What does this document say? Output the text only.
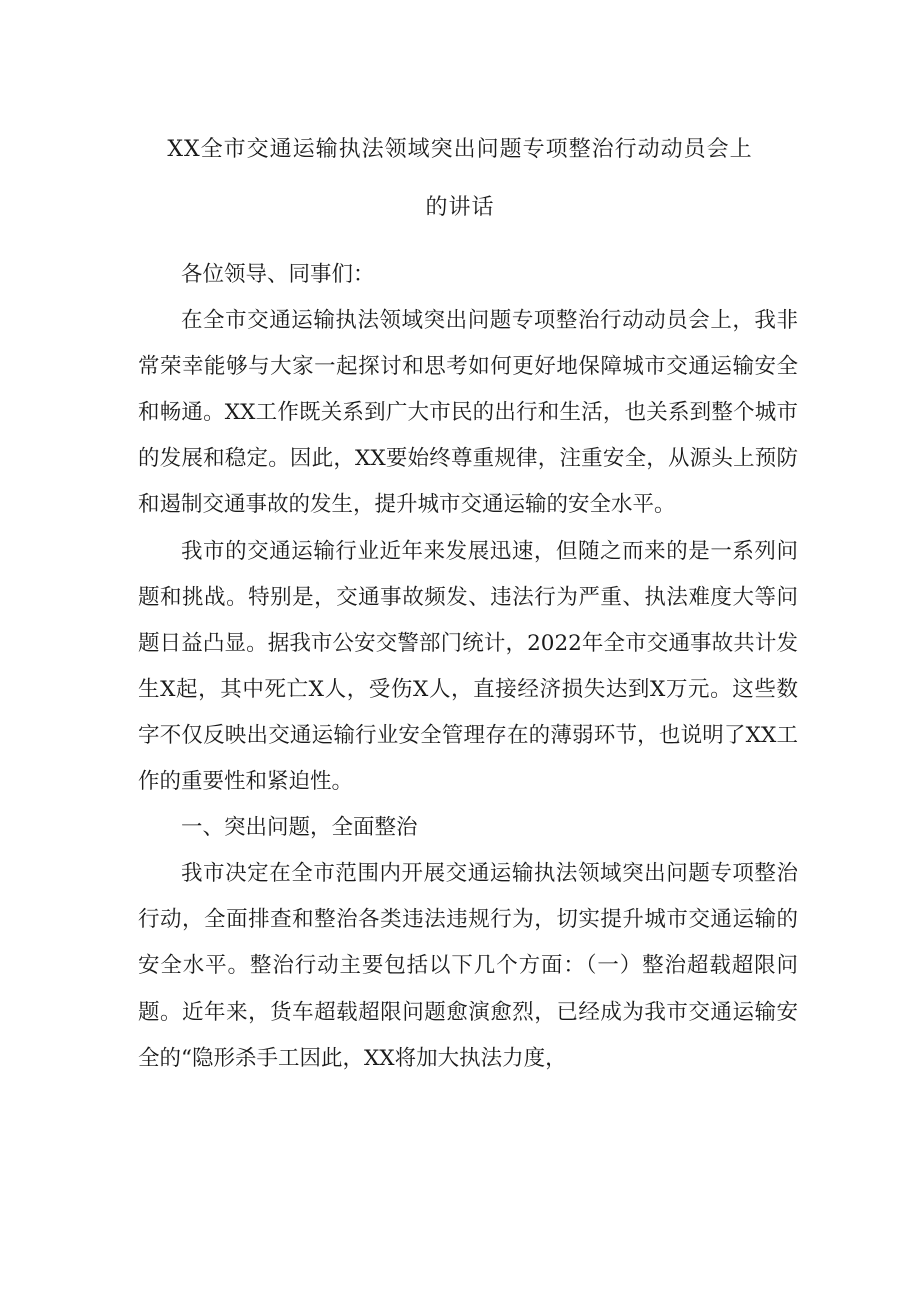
XX全市交通运输执法领域突出问题专项整治行动动员会上
的讲话

各位领导、同事们：

在全市交通运输执法领域突出问题专项整治行动动员会上，我非常荣幸能够与大家一起探讨和思考如何更好地保障城市交通运输安全和畅通。XX工作既关系到广大市民的出行和生活，也关系到整个城市的发展和稳定。因此，XX要始终尊重规律，注重安全，从源头上预防和遏制交通事故的发生，提升城市交通运输的安全水平。

我市的交通运输行业近年来发展迅速，但随之而来的是一系列问题和挑战。特别是，交通事故频发、违法行为严重、执法难度大等问题日益凸显。据我市公安交警部门统计，2022年全市交通事故共计发生X起，其中死亡X人，受伤X人，直接经济损失达到X万元。这些数字不仅反映出交通运输行业安全管理存在的薄弱环节，也说明了XX工作的重要性和紧迫性。

一、突出问题，全面整治

我市决定在全市范围内开展交通运输执法领域突出问题专项整治行动，全面排查和整治各类违法违规行为，切实提升城市交通运输的安全水平。整治行动主要包括以下几个方面：（一）整治超载超限问题。近年来，货车超载超限问题愈演愈烈，已经成为我市交通运输安全的“隐形杀手工因此，XX将加大执法力度，
